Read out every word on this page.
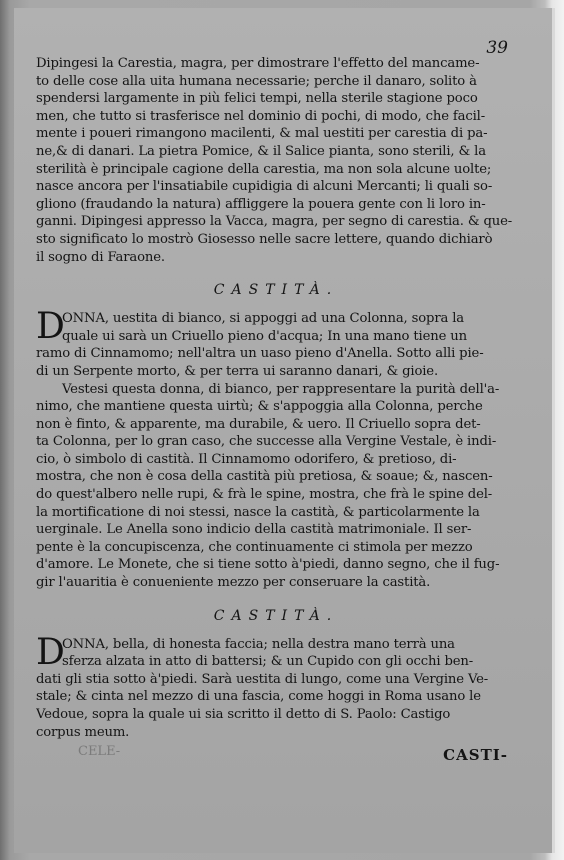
39
CELE-
Dipingesi la Carestia, magra, per dimostrare l'effetto del mancame-
to delle cose alla uita humana necessarie; perche il danaro, solito à
spendersi largamente in più felici tempi, nella sterile stagione poco
men, che tutto si trasferisce nel dominio di pochi, di modo, che facil-
mente i poueri rimangono macilenti, & mal uestiti per carestia di pa-
ne,& di danari. La pietra Pomice, & il Salice pianta, sono sterili, & la
sterilità è principale cagione della carestia, ma non sola alcune uolte;
nasce ancora per l'insatiabile cupidigia di alcuni Mercanti; li quali so-
gliono (fraudando la natura) affliggere la pouera gente con li loro in-
ganni. Dipingesi appresso la Vacca, magra, per segno di carestia. & que-
sto significato lo mostrò Giosesso nelle sacre lettere, quando dichiarò
il sogno di Faraone.
CASTITÀ.
D
ONNA, uestita di bianco, si appoggi ad una Colonna, sopra la
quale ui sarà un Criuello pieno d'acqua; In una mano tiene un
ramo di Cinnamomo; nell'altra un uaso pieno d'Anella. Sotto alli pie-
di un Serpente morto, & per terra ui saranno danari, & gioie.
Vestesi questa donna, di bianco, per rappresentare la purità dell'a-
nimo, che mantiene questa uirtù; & s'appoggia alla Colonna, perche
non è finto, & apparente, ma durabile, & uero. Il Criuello sopra det-
ta Colonna, per lo gran caso, che successe alla Vergine Vestale, è indi-
cio, ò simbolo di castità. Il Cinnamomo odorifero, & pretioso, di-
mostra, che non è cosa della castità più pretiosa, & soaue; &, nascen-
do quest'albero nelle rupi, & frà le spine, mostra, che frà le spine del-
la mortificatione di noi stessi, nasce la castità, & particolarmente la
uerginale. Le Anella sono indicio della castità matrimoniale. Il ser-
pente è la concupiscenza, che continuamente ci stimola per mezzo
d'amore. Le Monete, che si tiene sotto à'piedi, danno segno, che il fug-
gir l'auaritia è conueniente mezzo per conseruare la castità.
CASTITÀ.
D
ONNA, bella, di honesta faccia; nella destra mano terrà una
sferza alzata in atto di battersi; & un Cupido con gli occhi ben-
dati gli stia sotto à'piedi. Sarà uestita di lungo, come una Vergine Ve-
stale; & cinta nel mezzo di una fascia, come hoggi in Roma usano le
Vedoue, sopra la quale ui sia scritto il detto di S. Paolo: Castigo
corpus meum.
CASTI-
